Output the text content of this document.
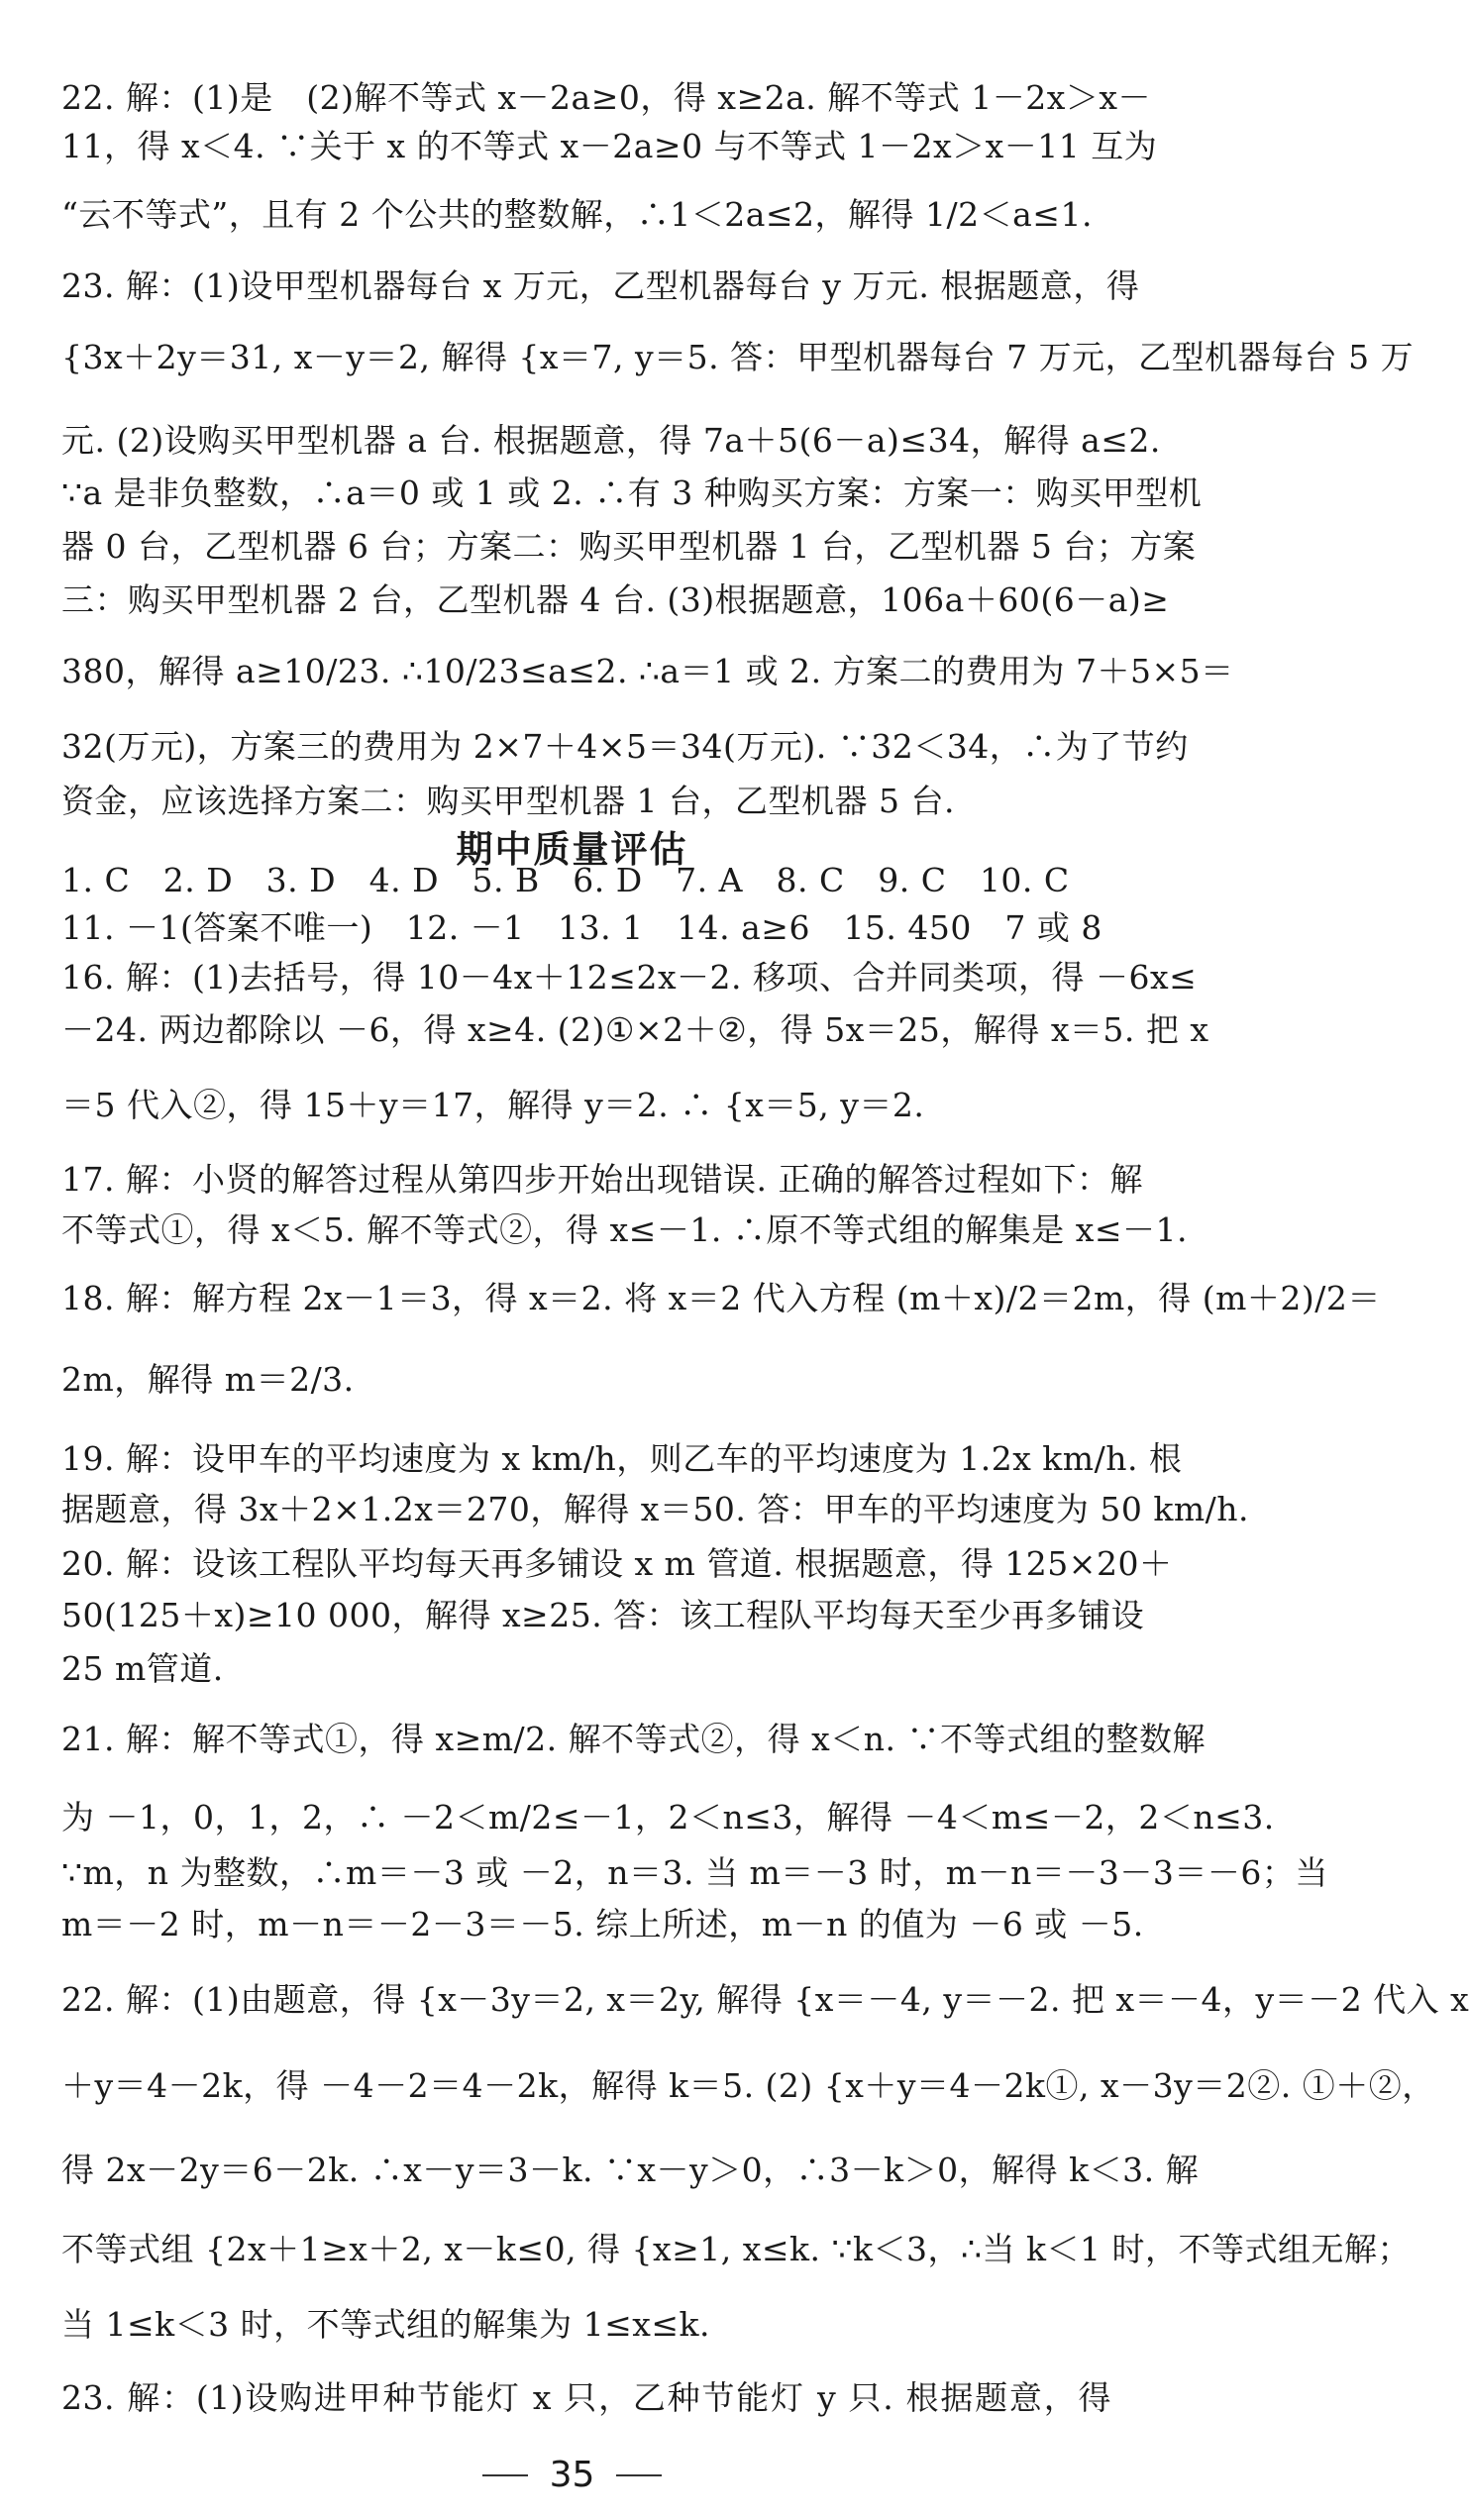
22. 解：(1)是　(2)解不等式 x－2a≥0，得 x≥2a. 解不等式 1－2x＞x－
11，得 x＜4. ∵关于 x 的不等式 x－2a≥0 与不等式 1－2x＞x－11 互为
“云不等式”，且有 2 个公共的整数解，∴1＜2a≤2，解得 1/2＜a≤1.
23. 解：(1)设甲型机器每台 x 万元，乙型机器每台 y 万元. 根据题意，得
{3x＋2y＝31, x－y＝2, 解得 {x＝7, y＝5. 答：甲型机器每台 7 万元，乙型机器每台 5 万
元. (2)设购买甲型机器 a 台. 根据题意，得 7a＋5(6－a)≤34，解得 a≤2.
∵a 是非负整数，∴a＝0 或 1 或 2. ∴有 3 种购买方案：方案一：购买甲型机
器 0 台，乙型机器 6 台；方案二：购买甲型机器 1 台，乙型机器 5 台；方案
三：购买甲型机器 2 台，乙型机器 4 台. (3)根据题意，106a＋60(6－a)≥
380，解得 a≥10/23. ∴10/23≤a≤2. ∴a＝1 或 2. 方案二的费用为 7＋5×5＝
32(万元)，方案三的费用为 2×7＋4×5＝34(万元). ∵32＜34，∴为了节约
资金，应该选择方案二：购买甲型机器 1 台，乙型机器 5 台.
1. C　2. D　3. D　4. D　5. B　6. D　7. A　8. C　9. C　10. C
11. －1(答案不唯一)　12. －1　13. 1　14. a≥6　15. 450　7 或 8
16. 解：(1)去括号，得 10－4x＋12≤2x－2. 移项、合并同类项，得 －6x≤
－24. 两边都除以 －6，得 x≥4. (2)①×2＋②，得 5x＝25，解得 x＝5. 把 x
＝5 代入②，得 15＋y＝17，解得 y＝2. ∴ {x＝5, y＝2.
17. 解：小贤的解答过程从第四步开始出现错误. 正确的解答过程如下：解
不等式①，得 x＜5. 解不等式②，得 x≤－1. ∴原不等式组的解集是 x≤－1.
18. 解：解方程 2x－1＝3，得 x＝2. 将 x＝2 代入方程 (m＋x)/2＝2m，得 (m＋2)/2＝
2m，解得 m＝2/3.
19. 解：设甲车的平均速度为 x km/h，则乙车的平均速度为 1.2x km/h. 根
据题意，得 3x＋2×1.2x＝270，解得 x＝50. 答：甲车的平均速度为 50 km/h.
20. 解：设该工程队平均每天再多铺设 x m 管道. 根据题意，得 125×20＋
50(125＋x)≥10 000，解得 x≥25. 答：该工程队平均每天至少再多铺设
25 m管道.
21. 解：解不等式①，得 x≥m/2. 解不等式②，得 x＜n. ∵不等式组的整数解
为 －1，0，1，2，∴ －2＜m/2≤－1，2＜n≤3，解得 －4＜m≤－2，2＜n≤3.
∵m，n 为整数，∴m＝－3 或 －2，n＝3. 当 m＝－3 时，m－n＝－3－3＝－6；当
m＝－2 时，m－n＝－2－3＝－5. 综上所述，m－n 的值为 －6 或 －5.
22. 解：(1)由题意，得 {x－3y＝2, x＝2y, 解得 {x＝－4, y＝－2. 把 x＝－4，y＝－2 代入 x
＋y＝4－2k，得 －4－2＝4－2k，解得 k＝5. (2) {x＋y＝4－2k①, x－3y＝2②. ①＋②，
得 2x－2y＝6－2k. ∴x－y＝3－k. ∵x－y＞0，∴3－k＞0，解得 k＜3. 解
不等式组 {2x＋1≥x＋2, x－k≤0, 得 {x≥1, x≤k. ∵k＜3，∴当 k＜1 时，不等式组无解；
当 1≤k＜3 时，不等式组的解集为 1≤x≤k.
23. 解：(1)设购进甲种节能灯 x 只，乙种节能灯 y 只. 根据题意，得
期中质量评估
35
